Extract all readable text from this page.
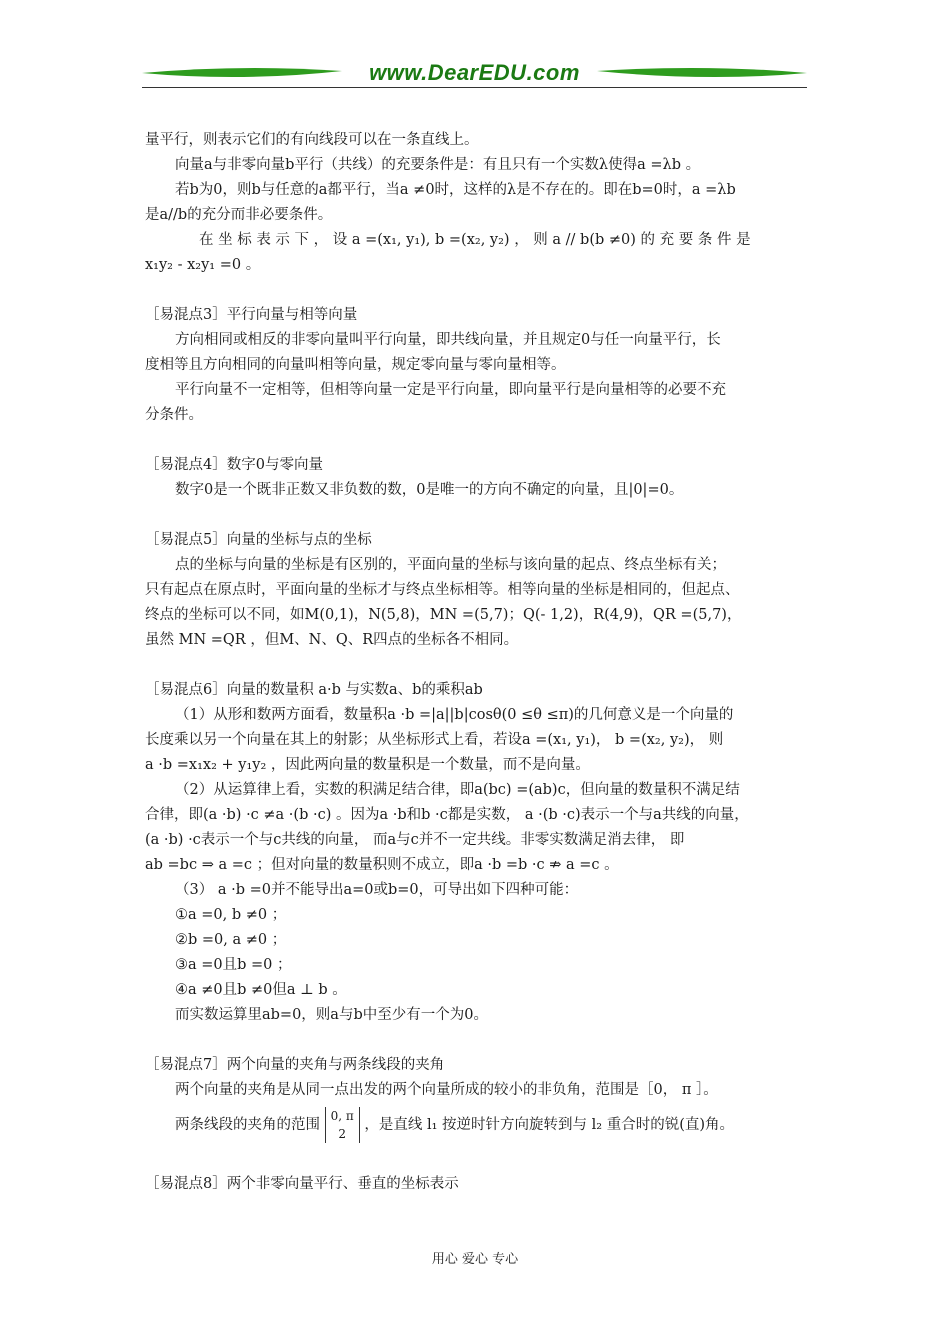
www.DearEDU.com

量平行，则表示它们的有向线段可以在一条直线上。

向量a与非零向量b平行（共线）的充要条件是：有且只有一个实数λ使得a =λb 。

若b为0，则b与任意的a都平行，当a ≠0时，这样的λ是不存在的。即在b=0时，a =λb

是a//b的充分而非必要条件。

在 坐 标 表 示 下 ， 设 a =(x₁, y₁), b =(x₂, y₂) ， 则 a // b(b ≠0) 的 充 要 条 件 是

x₁y₂ - x₂y₁ =0 。

［易混点3］平行向量与相等向量

方向相同或相反的非零向量叫平行向量，即共线向量，并且规定0与任一向量平行，长

度相等且方向相同的向量叫相等向量，规定零向量与零向量相等。

平行向量不一定相等，但相等向量一定是平行向量，即向量平行是向量相等的必要不充

分条件。

［易混点4］数字0与零向量

数字0是一个既非正数又非负数的数，0是唯一的方向不确定的向量，且|0|=0。

［易混点5］向量的坐标与点的坐标

点的坐标与向量的坐标是有区别的，平面向量的坐标与该向量的起点、终点坐标有关；

只有起点在原点时，平面向量的坐标才与终点坐标相等。相等向量的坐标是相同的，但起点、

终点的坐标可以不同，如M(0,1)，N(5,8)，MN =(5,7)；Q(- 1,2)，R(4,9)，QR =(5,7)，

虽然 MN =QR ，但M、N、Q、R四点的坐标各不相同。

［易混点6］向量的数量积 a·b 与实数a、b的乘积ab

（1）从形和数两方面看，数量积a ·b =|a||b|cosθ(0 ≤θ ≤π)的几何意义是一个向量的

长度乘以另一个向量在其上的射影；从坐标形式上看，若设a =(x₁, y₁)， b =(x₂, y₂)， 则

a ·b =x₁x₂ + y₁y₂ ，因此两向量的数量积是一个数量，而不是向量。

（2）从运算律上看，实数的积满足结合律，即a(bc) =(ab)c，但向量的数量积不满足结

合律，即(a ·b) ·c ≠a ·(b ·c) 。因为a ·b和b ·c都是实数， a ·(b ·c)表示一个与a共线的向量，

(a ·b) ·c表示一个与c共线的向量， 而a与c并不一定共线。非零实数满足消去律， 即

ab =bc ⇒ a =c ；但对向量的数量积则不成立，即a ·b =b ·c ⇏ a =c 。

（3） a ·b =0并不能导出a=0或b=0，可导出如下四种可能：

①a =0, b ≠0 ；

②b =0, a ≠0 ；

③a =0且b =0 ；

④a ≠0且b ≠0但a ⊥ b 。

而实数运算里ab=0，则a与b中至少有一个为0。

［易混点7］两个向量的夹角与两条线段的夹角

两个向量的夹角是从同一点出发的两个向量所成的较小的非负角，范围是［0， π ］。

两条线段的夹角的范围 0, π
2 ，是直线 l₁ 按逆时针方向旋转到与 l₂ 重合时的锐(直)角。

［易混点8］两个非零向量平行、垂直的坐标表示

用心 爱心 专心
